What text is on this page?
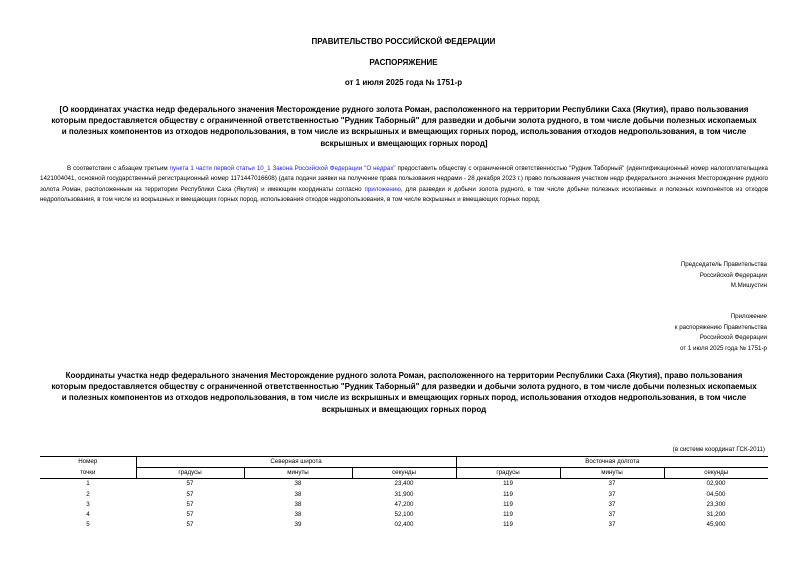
ПРАВИТЕЛЬСТВО РОССИЙСКОЙ ФЕДЕРАЦИИ
РАСПОРЯЖЕНИЕ
от 1 июля 2025 года № 1751-р
[О координатах участка недр федерального значения Месторождение рудного золота Роман, расположенного на территории Республики Саха (Якутия), право пользования которым предоставляется обществу с ограниченной ответственностью "Рудник Таборный" для разведки и добычи золота рудного, в том числе добычи полезных ископаемых и полезных компонентов из отходов недропользования, в том числе из вскрышных и вмещающих горных пород, использования отходов недропользования, в том числе вскрышных и вмещающих горных пород]
В соответствии с абзацем третьим пункта 1 части первой статьи 10_1 Закона Российской Федерации "О недрах" предоставить обществу с ограниченной ответственностью "Рудник Таборный" (идентификационный номер налогоплательщика 1421004041, основной государственный регистрационный номер 1171447016608) (дата подачи заявки на получение права пользования недрами - 28 декабря 2023 г.) право пользования участком недр федерального значения Месторождение рудного золота Роман, расположенным на территории Республики Саха (Якутия) и имеющим координаты согласно приложению, для разведки и добычи золота рудного, в том числе добычи полезных ископаемых и полезных компонентов из отходов недропользования, в том числе из вскрышных и вмещающих горных пород, использования отходов недропользования, в том числе вскрышных и вмещающих горных пород.
Председатель Правительства
Российской Федерации
М.Мишустин
Приложение
к распоряжению Правительства
Российской Федерации
от 1 июля 2025 года № 1751-р
Координаты участка недр федерального значения Месторождение рудного золота Роман, расположенного на территории Республики Саха (Якутия), право пользования которым предоставляется обществу с ограниченной ответственностью "Рудник Таборный" для разведки и добычи золота рудного, в том числе добычи полезных ископаемых и полезных компонентов из отходов недропользования, в том числе из вскрышных и вмещающих горных пород, использования отходов недропользования, в том числе вскрышных и вмещающих горных пород
(в системе координат ГСК-2011)
Номер	Северная широта			Восточная долгота		
точки	градусы	минуты	секунды	градусы	минуты	секунды
1	57	38	23,400	119	37	02,900
2	57	38	31,900	119	37	04,500
3	57	38	47,200	119	37	23,300
4	57	38	52,100	119	37	31,200
5	57	39	02,400	119	37	45,900
